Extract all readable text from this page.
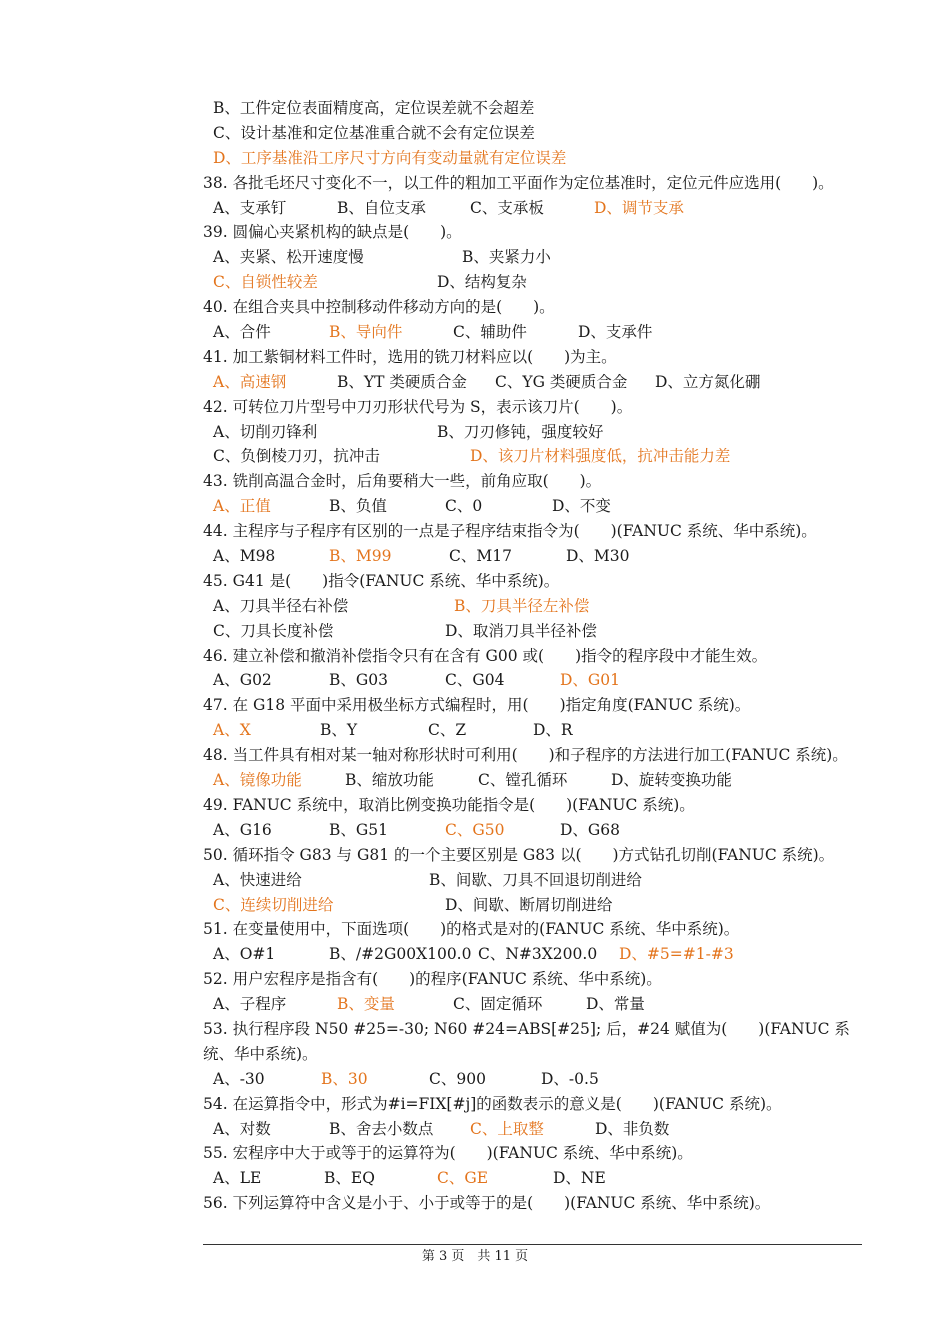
B、工件定位表面精度高，定位误差就不会超差
C、设计基准和定位基准重合就不会有定位误差
D、工序基准沿工序尺寸方向有变动量就有定位误差
38. 各批毛坯尺寸变化不一，以工件的粗加工平面作为定位基准时，定位元件应选用(　　)。
A、支承钉	B、自位支承	C、支承板	D、调节支承
39. 圆偏心夹紧机构的缺点是(　　)。
A、夹紧、松开速度慢	B、夹紧力小
C、自锁性较差	D、结构复杂
40. 在组合夹具中控制移动件移动方向的是(　　)。
A、合件	B、导向件	C、辅助件	D、支承件
41. 加工紫铜材料工件时，选用的铣刀材料应以(　　)为主。
A、高速钢	B、YT 类硬质合金 C、YG 类硬质合金 D、立方氮化硼
42. 可转位刀片型号中刀刃形状代号为 S，表示该刀片(　　)。
A、切削刃锋利	B、刀刃修钝，强度较好
C、负倒棱刀刃，抗冲击	D、该刀片材料强度低，抗冲击能力差
43. 铣削高温合金时，后角要稍大一些，前角应取(　　)。
A、正值	B、负值	C、0	D、不变
44. 主程序与子程序有区别的一点是子程序结束指令为(　　)(FANUC 系统、华中系统)。
A、M98	B、M99	C、M17	D、M30
45. G41 是(　　)指令(FANUC 系统、华中系统)。
A、刀具半径右补偿	B、刀具半径左补偿
C、刀具长度补偿	D、取消刀具半径补偿
46. 建立补偿和撤消补偿指令只有在含有 G00 或(　　)指令的程序段中才能生效。
A、G02	B、G03	C、G04	D、G01
47. 在 G18 平面中采用极坐标方式编程时，用(　　)指定角度(FANUC 系统)。
A、X	B、Y	C、Z	D、R
48. 当工件具有相对某一轴对称形状时可利用(　　)和子程序的方法进行加工(FANUC 系统)。
A、镜像功能	B、缩放功能	C、镗孔循环	D、旋转变换功能
49. FANUC 系统中，取消比例变换功能指令是(　　)(FANUC 系统)。
A、G16	B、G51	C、G50	D、G68
50. 循环指令 G83 与 G81 的一个主要区别是 G83 以(　　)方式钻孔切削(FANUC 系统)。
A、快速进给	B、间歇、刀具不回退切削进给
C、连续切削进给	D、间歇、断屑切削进给
51. 在变量使用中，下面选项(　　)的格式是对的(FANUC 系统、华中系统)。
A、O#1	B、/#2G00X100.0 C、N#3X200.0 D、#5=#1-#3
52. 用户宏程序是指含有(　　)的程序(FANUC 系统、华中系统)。
A、子程序	B、变量	C、固定循环	D、常量
53. 执行程序段 N50 #25=-30; N60 #24=ABS[#25]; 后，#24 赋值为(　　)(FANUC 系统、华中系统)。
A、-30	B、30	C、900	D、-0.5
54. 在运算指令中，形式为#i=FIX[#j]的函数表示的意义是(　　)(FANUC 系统)。
A、对数	B、舍去小数点 C、上取整	D、非负数
55. 宏程序中大于或等于的运算符为(　　)(FANUC 系统、华中系统)。
A、LE	B、EQ	C、GE	D、NE
56. 下列运算符中含义是小于、小于或等于的是(　　)(FANUC 系统、华中系统)。
第 3 页　共 11 页
